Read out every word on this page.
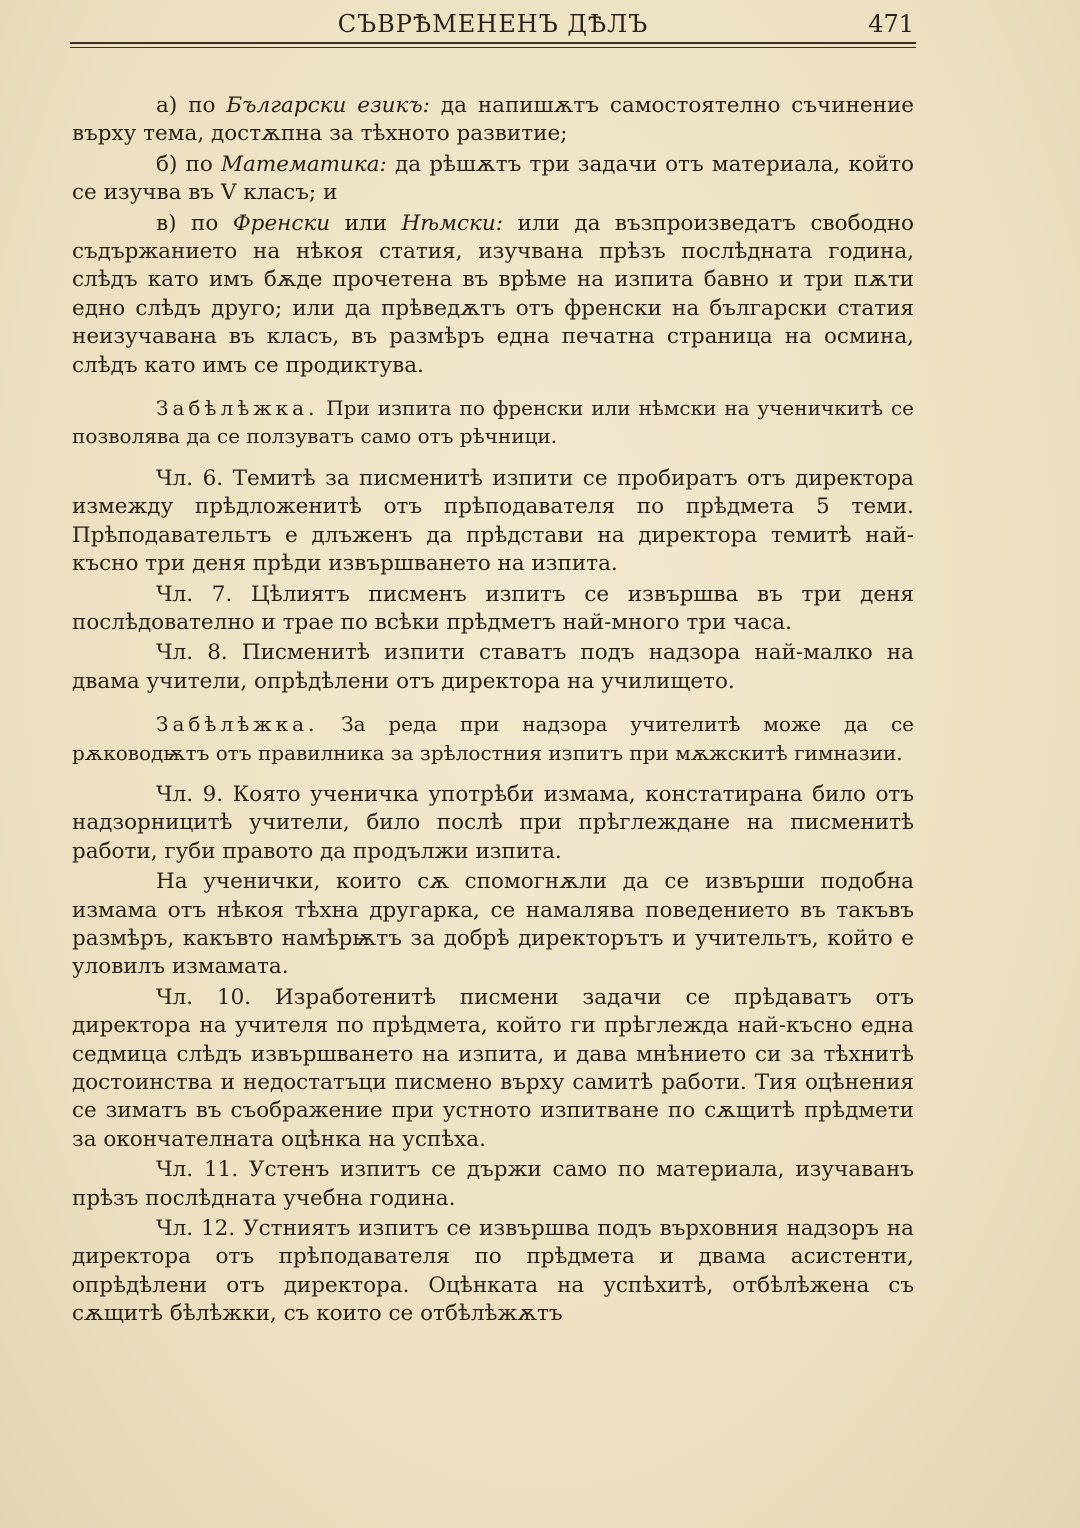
СЪВРѢМЕНЕНЪ ДѢЛЪ	471

а) по Български езикъ: да напишѫтъ самостоятелно съчинение върху тема, достѫпна за тѣхното развитие;

б) по Математика: да рѣшѫтъ три задачи отъ материала, който се изучва въ V класъ; и

в) по Френски или Нѣмски: или да възпроизведатъ свободно съдържанието на нѣкоя статия, изучвана прѣзъ послѣдната година, слѣдъ като имъ бѫде прочетена въ врѣме на изпита бавно и три пѫти едно слѣдъ друго; или да прѣведѫтъ отъ френски на български статия неизучавана въ класъ, въ размѣръ една печатна страница на осмина, слѣдъ като имъ се продиктува.

Забѣлѣжка. При изпита по френски или нѣмски на ученичкитѣ се позволява да се ползуватъ само отъ рѣчници.

Чл. 6. Темитѣ за писменитѣ изпити се пробиратъ отъ директора измежду прѣдложенитѣ отъ прѣподавателя по прѣдмета 5 теми. Прѣподавательтъ е длъженъ да прѣдстави на директора темитѣ най-късно три деня прѣди извършването на изпита.

Чл. 7. Цѣлиятъ писменъ изпитъ се извършва въ три деня послѣдователно и трае по всѣки прѣдметъ най-много три часа.

Чл. 8. Писменитѣ изпити ставатъ подъ надзора най-малко на двама учители, опрѣдѣлени отъ директора на училището.

Забѣлѣжка. За реда при надзора учителитѣ може да се рѫководѭтъ отъ правилника за зрѣлостния изпитъ при мѫжскитѣ гимназии.

Чл. 9. Която ученичка употрѣби измама, констатирана било отъ надзорницитѣ учители, било послѣ при прѣглеждане на писменитѣ работи, губи правото да продължи изпита.

На ученички, които сѫ спомогнѫли да се извърши подобна измама отъ нѣкоя тѣхна другарка, се намалява поведението въ такъвъ размѣръ, какъвто намѣрѭтъ за добрѣ директорътъ и учительтъ, който е уловилъ измамата.

Чл. 10. Изработенитѣ писмени задачи се прѣдаватъ отъ директора на учителя по прѣдмета, който ги прѣглежда най-късно една седмица слѣдъ извършването на изпита, и дава мнѣнието си за тѣхнитѣ достоинства и недостатъци писмено върху самитѣ работи. Тия оцѣнения се зиматъ въ съображение при устното изпитване по сѫщитѣ прѣдмети за окончателната оцѣнка на успѣха.

Чл. 11. Устенъ изпитъ се държи само по материала, изучаванъ прѣзъ послѣдната учебна година.

Чл. 12. Устниятъ изпитъ се извършва подъ върховния надзоръ на директора отъ прѣподавателя по прѣдмета и двама асистенти, опрѣдѣлени отъ директора. Оцѣнката на успѣхитѣ, отбѣлѣжена съ сѫщитѣ бѣлѣжки, съ които се отбѣлѣжѫтъ
